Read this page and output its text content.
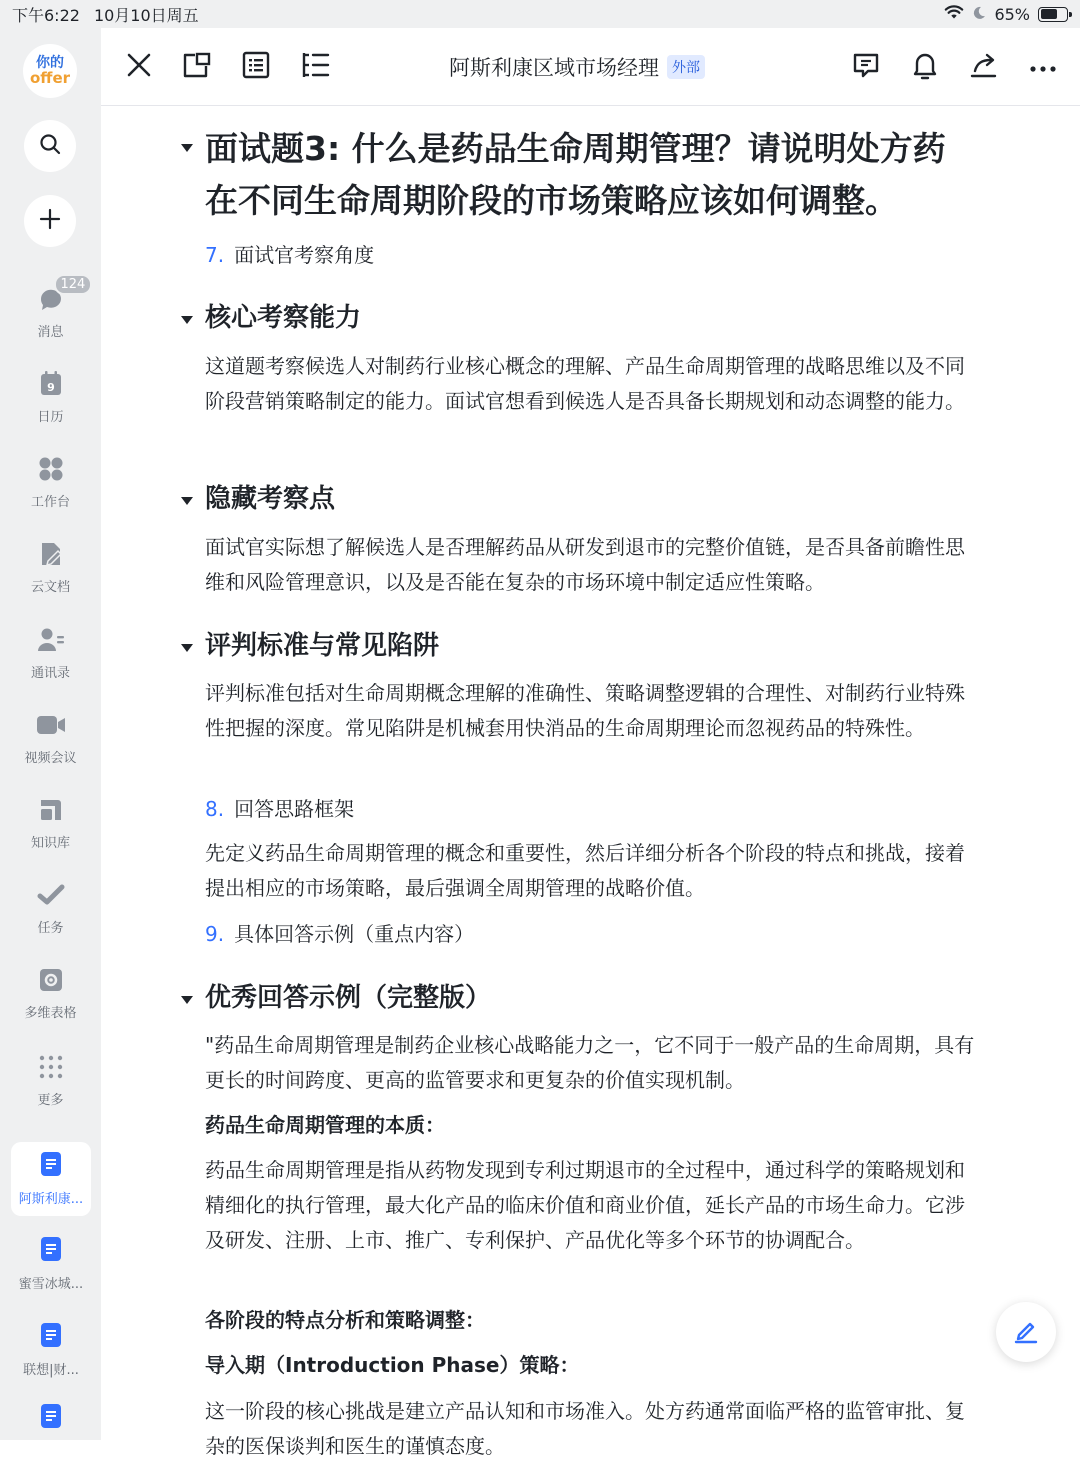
下午6:22 10月10日周五	65%
你的
offer
124
消息
9
日历
工作台
云文档
通讯录
视频会议
知识库
任务
多维表格
更多
阿斯利康...
蜜雪冰城...
联想|财...
阿斯利康区域市场经理 外部
面试题3: 什么是药品生命周期管理？请说明处方药在不同生命周期阶段的市场策略应该如何调整。
7. 面试官考察角度
核心考察能力
这道题考察候选人对制药行业核心概念的理解、产品生命周期管理的战略思维以及不同阶段营销策略制定的能力。面试官想看到候选人是否具备长期规划和动态调整的能力。
隐藏考察点
面试官实际想了解候选人是否理解药品从研发到退市的完整价值链，是否具备前瞻性思维和风险管理意识，以及是否能在复杂的市场环境中制定适应性策略。
评判标准与常见陷阱
评判标准包括对生命周期概念理解的准确性、策略调整逻辑的合理性、对制药行业特殊性把握的深度。常见陷阱是机械套用快消品的生命周期理论而忽视药品的特殊性。
8. 回答思路框架
先定义药品生命周期管理的概念和重要性，然后详细分析各个阶段的特点和挑战，接着提出相应的市场策略，最后强调全周期管理的战略价值。
9. 具体回答示例（重点内容）
优秀回答示例（完整版）
"药品生命周期管理是制药企业核心战略能力之一，它不同于一般产品的生命周期，具有更长的时间跨度、更高的监管要求和更复杂的价值实现机制。
药品生命周期管理的本质：
药品生命周期管理是指从药物发现到专利过期退市的全过程中，通过科学的策略规划和精细化的执行管理，最大化产品的临床价值和商业价值，延长产品的市场生命力。它涉及研发、注册、上市、推广、专利保护、产品优化等多个环节的协调配合。
各阶段的特点分析和策略调整：
导入期（Introduction Phase）策略：
这一阶段的核心挑战是建立产品认知和市场准入。处方药通常面临严格的监管审批、复杂的医保谈判和医生的谨慎态度。
